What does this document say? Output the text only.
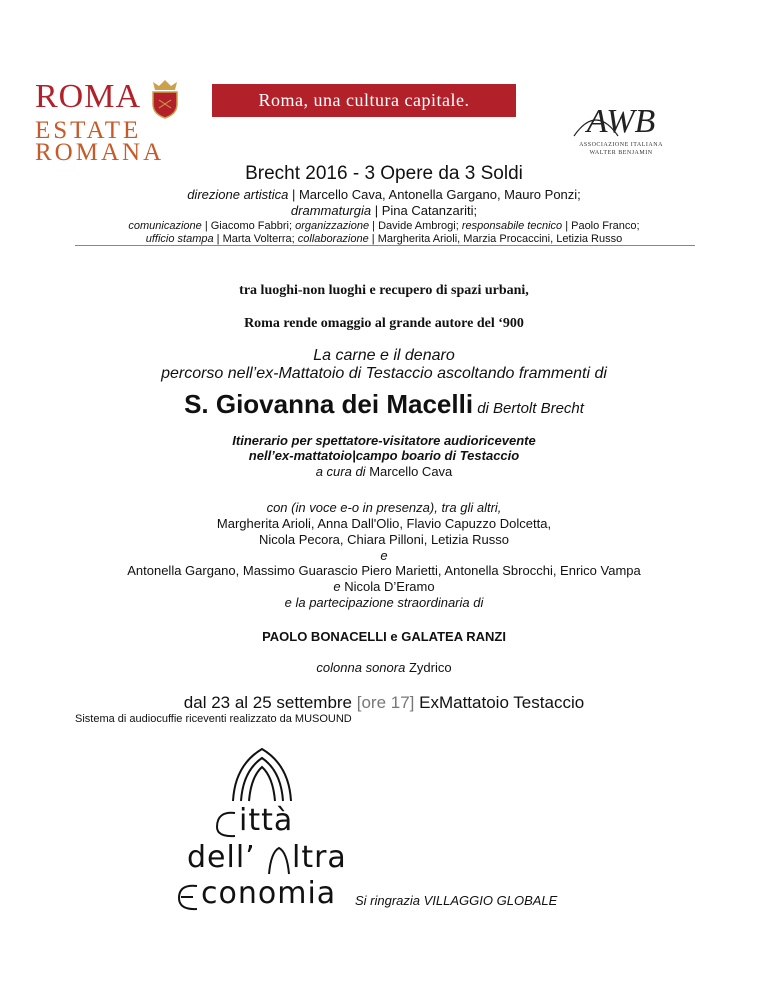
ROMA
ESTATE
ROMANA
Roma, una cultura capitale.
AWB
ASSOCIAZIONE ITALIANA
WALTER BENJAMIN
Brecht 2016 - 3 Opere da 3 Soldi
direzione artistica | Marcello Cava, Antonella Gargano, Mauro Ponzi;
drammaturgia | Pina Catanzariti;
comunicazione | Giacomo Fabbri; organizzazione | Davide Ambrogi; responsabile tecnico | Paolo Franco;
ufficio stampa | Marta Volterra; collaborazione | Margherita Arioli, Marzia Procaccini, Letizia Russo
tra luoghi-non luoghi e recupero di spazi urbani,
Roma rende omaggio al grande autore del ‘900
La carne e il denaro
percorso nell’ex-Mattatoio di Testaccio ascoltando frammenti di
S. Giovanna dei Macelli di Bertolt Brecht
Itinerario per spettatore-visitatore audioricevente
nell’ex-mattatoio|campo boario di Testaccio
a cura di Marcello Cava
con (in voce e-o in presenza), tra gli altri,
Margherita Arioli, Anna Dall'Olio, Flavio Capuzzo Dolcetta,
Nicola Pecora, Chiara Pilloni, Letizia Russo
e
Antonella Gargano, Massimo Guarascio Piero Marietti, Antonella Sbrocchi, Enrico Vampa
e Nicola D’Eramo
e la partecipazione straordinaria di
PAOLO BONACELLI e GALATEA RANZI
colonna sonora Zydrico
dal 23 al 25 settembre [ore 17] ExMattatoio Testaccio
Sistema di audiocuffie riceventi realizzato da MUSOUND
ittà
dell’ ltra
conomia Si ringrazia VILLAGGIO GLOBALE
